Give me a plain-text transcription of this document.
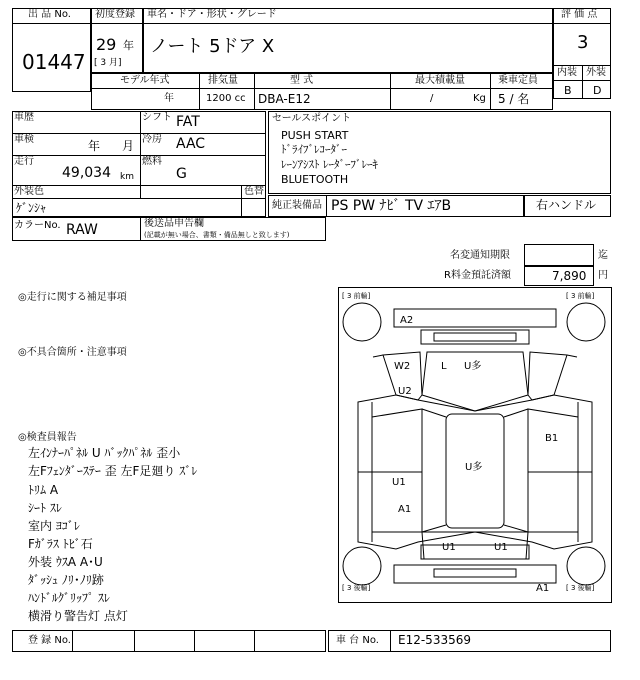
出 品 No.
01447
初度登録
29 年
[ 3 月]
車名・ドア・形状・グレード
ノート 5ドア X
評 価 点
3
内装 外装
B D
モデル年式
年
排気量
1200 cc
型 式
DBA-E12
最大積載量
/	Kg
乗車定員
5 / 名
車歴	シフト FAT
車検	年 月 冷房 AAC
走行
49,034 km
燃料
G
外装色
ｹﾞﾝｼｬ
色替
カラーNo. RAW	後送品申告欄
(記載が無い場合、書類・備品無しと致します)
セールスポイント
PUSH START
ﾄﾞﾗｲﾌﾞﾚｺｰﾀﾞｰ
ﾚｰﾝｱｼｽﾄ ﾚｰﾀﾞｰﾌﾞﾚｰｷ
BLUETOOTH
純正装備品 PS PW ﾅﾋﾞ TV ｴｱB	右ハンドル
名変通知期限	迄
R料金預託済額	7,890 円
◎走行に関する補足事項
◎不具合箇所・注意事項
◎検査員報告
左ｲﾝﾅｰﾊﾟﾈﾙ U ﾊﾞｯｸﾊﾟﾈﾙ 歪小
左Fﾌｪﾝﾀﾞｰｽﾃｰ 歪 左F足廻り ｽﾞﾚ
ﾄﾘﾑ A
ｼｰﾄ ｽﾚ
室内 ﾖｺﾞﾚ
Fｶﾞﾗｽ ﾄﾋﾞ石
外装 ｳｽA A･U
ﾀﾞｯｼｭ ﾉﾘ･ﾉﾘ跡
ﾊﾝﾄﾞﾙｸﾞﾘｯﾌﾟ ｽﾚ
横滑り警告灯 点灯
[ 3 前輪]	[ 3 前輪]
[ 3 後輪]	[ 3 後輪]
A2
W2	L U多
U2
B1
U多
U1
A1
U1	U1
A1
登 録 No.	車 台 No. E12-533569
